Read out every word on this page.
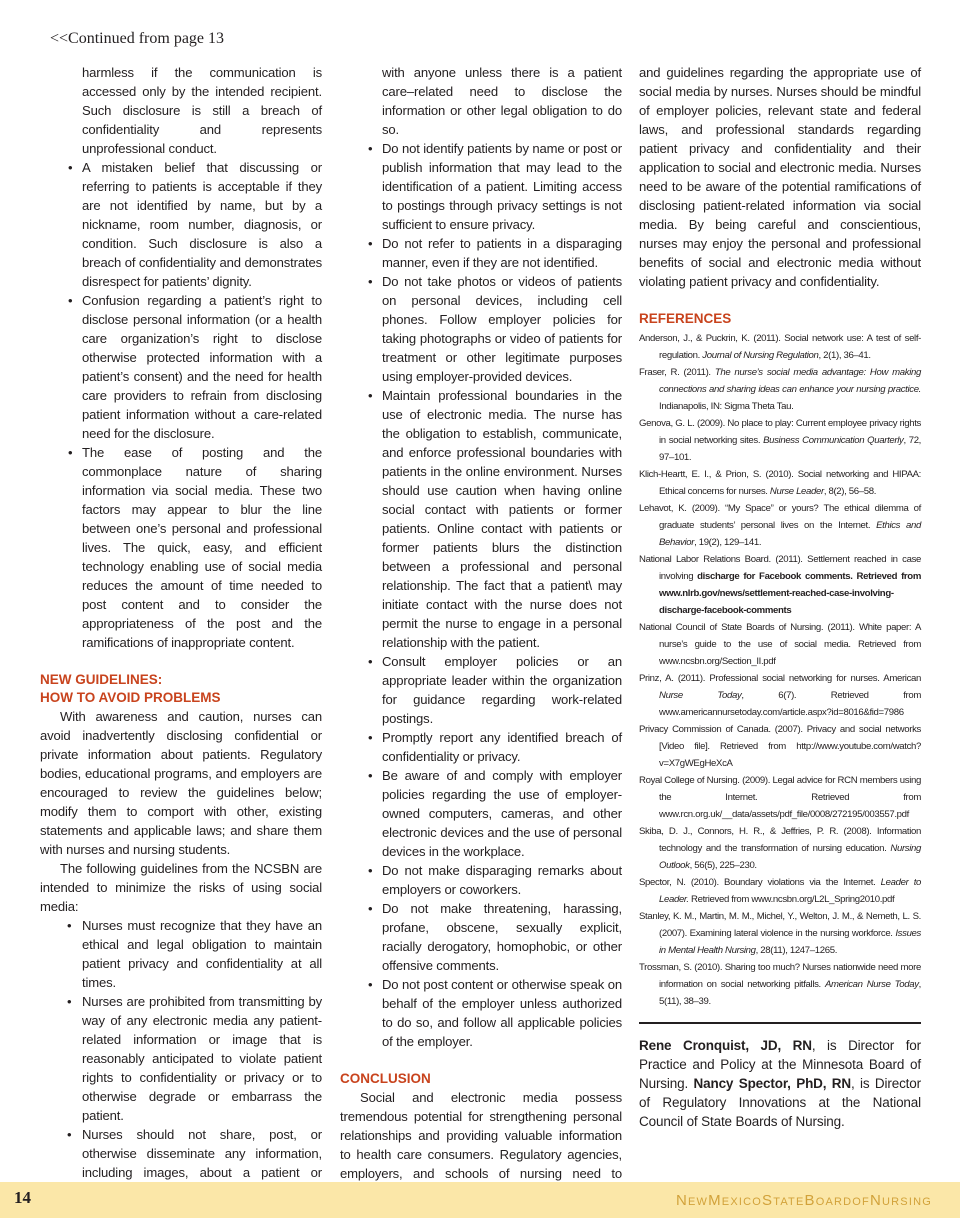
<<Continued from page 13

harmless if the communication is accessed only by the intended recipient. Such disclosure is still a breach of confidentiality and represents unprofessional conduct.

• A mistaken belief that discussing or referring to patients is acceptable if they are not identified by name, but by a nickname, room number, diagnosis, or condition. Such disclosure is also a breach of confidentiality and demonstrates disrespect for patients’ dignity.
• Confusion regarding a patient’s right to disclose personal information (or a health care organization’s right to disclose otherwise protected information with a patient’s consent) and the need for health care providers to refrain from disclosing patient information without a care-related need for the disclosure.
• The ease of posting and the commonplace nature of sharing information via social media. These two factors may appear to blur the line between one’s personal and professional lives. The quick, easy, and efficient technology enabling use of social media reduces the amount of time needed to post content and to consider the appropriateness of the post and the ramifications of inappropriate content.

NEW GUIDELINES:

HOW TO AVOID PROBLEMS

With awareness and caution, nurses can avoid inadvertently disclosing confidential or private information about patients. Regulatory bodies, educational programs, and employers are encouraged to review the guidelines below; modify them to comport with other, existing statements and applicable laws; and share them with nurses and nursing students.

The following guidelines from the NCSBN are intended to minimize the risks of using social media:

• Nurses must recognize that they have an ethical and legal obligation to maintain patient privacy and confidentiality at all times.
• Nurses are prohibited from transmitting by way of any electronic media any patient-related information or image that is reasonably anticipated to violate patient rights to confidentiality or privacy or to otherwise degrade or embarrass the patient.
• Nurses should not share, post, or otherwise disseminate any information, including images, about a patient or

with anyone unless there is a patient care–related need to disclose the information or other legal obligation to do so.

• Do not identify patients by name or post or publish information that may lead to the identification of a patient. Limiting access to postings through privacy settings is not sufficient to ensure privacy.
• Do not refer to patients in a disparaging manner, even if they are not identified.
• Do not take photos or videos of patients on personal devices, including cell phones. Follow employer policies for taking photographs or video of patients for treatment or other legitimate purposes using employer-provided devices.
• Maintain professional boundaries in the use of electronic media. The nurse has the obligation to establish, communicate, and enforce professional boundaries with patients in the online environment. Nurses should use caution when having online social contact with patients or former patients. Online contact with patients or former patients blurs the distinction between a professional and personal relationship. The fact that a patient\ may initiate contact with the nurse does not permit the nurse to engage in a personal relationship with the patient.
• Consult employer policies or an appropriate leader within the organization for guidance regarding work-related postings.
• Promptly report any identified breach of confidentiality or privacy.
• Be aware of and comply with employer policies regarding the use of employer-owned computers, cameras, and other electronic devices and the use of personal devices in the workplace.
• Do not make disparaging remarks about employers or coworkers.
• Do not make threatening, harassing, profane, obscene, sexually explicit, racially derogatory, homophobic, or other offensive comments.
• Do not post content or otherwise speak on behalf of the employer unless authorized to do so, and follow all applicable policies of the employer.

CONCLUSION

Social and electronic media possess tremendous potential for strengthening personal relationships and providing valuable information to health care consumers. Regulatory agencies, employers, and schools of nursing need to

and guidelines regarding the appropriate use of social media by nurses. Nurses should be mindful of employer policies, relevant state and federal laws, and professional standards regarding patient privacy and confidentiality and their application to social and electronic media. Nurses need to be aware of the potential ramifications of disclosing patient-related information via social media. By being careful and conscientious, nurses may enjoy the personal and professional benefits of social and electronic media without violating patient privacy and confidentiality.

REFERENCES

Anderson, J., & Puckrin, K. (2011). Social network use: A test of self-regulation. Journal of Nursing Regulation, 2(1), 36–41.

Fraser, R. (2011). The nurse’s social media advantage: How making connections and sharing ideas can enhance your nursing practice. Indianapolis, IN: Sigma Theta Tau.

Genova, G. L. (2009). No place to play: Current employee privacy rights in social networking sites. Business Communication Quarterly, 72, 97–101.

Klich-Heartt, E. I., & Prion, S. (2010). Social networking and HIPAA: Ethical concerns for nurses. Nurse Leader, 8(2), 56–58.

Lehavot, K. (2009). “My Space” or yours? The ethical dilemma of graduate students’ personal lives on the Internet. Ethics and Behavior, 19(2), 129–141.

National Labor Relations Board. (2011). Settlement reached in case involving discharge for Facebook comments. Retrieved from www.nlrb.gov/news/settlement-reached-case-involving-discharge-facebook-comments

National Council of State Boards of Nursing. (2011). White paper: A nurse’s guide to the use of social media. Retrieved from www.ncsbn.org/Section_II.pdf

Prinz, A. (2011). Professional social networking for nurses. American Nurse Today, 6(7). Retrieved from www.americannursetoday.com/article.aspx?id=8016&fid=7986

Privacy Commission of Canada. (2007). Privacy and social networks [Video file]. Retrieved from http://www.youtube.com/watch?v=X7gWEgHeXcA

Royal College of Nursing. (2009). Legal advice for RCN members using the Internet. Retrieved from www.rcn.org.uk/__data/assets/pdf_file/0008/272195/003557.pdf

Skiba, D. J., Connors, H. R., & Jeffries, P. R. (2008). Information technology and the transformation of nursing education. Nursing Outlook, 56(5), 225–230.

Spector, N. (2010). Boundary violations via the Internet. Leader to Leader. Retrieved from www.ncsbn.org/L2L_Spring2010.pdf

Stanley, K. M., Martin, M. M., Michel, Y., Welton, J. M., & Nemeth, L. S. (2007). Examining lateral violence in the nursing workforce. Issues in Mental Health Nursing, 28(11), 1247–1265.

Trossman, S. (2010). Sharing too much? Nurses nationwide need more information on social networking pitfalls. American Nurse Today, 5(11), 38–39.

Rene Cronquist, JD, RN, is Director for Practice and Policy at the Minnesota Board of Nursing. Nancy Spector, PhD, RN, is Director of Regulatory Innovations at the National Council of State Boards of Nursing.

14	NewMexicoStateBoardofNursing
